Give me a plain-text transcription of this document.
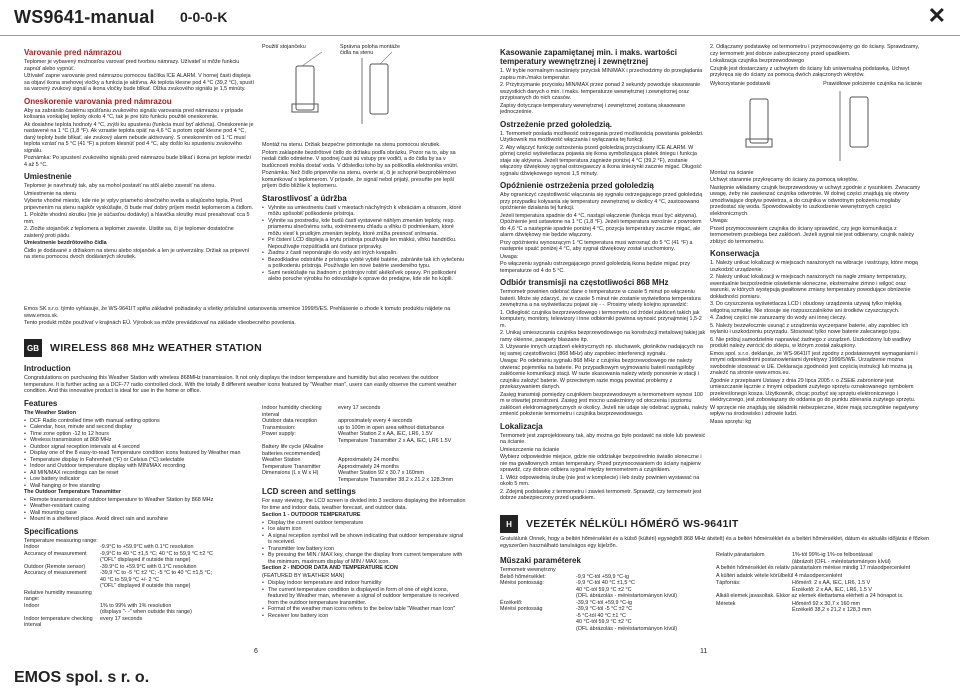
WS9641-manual 0-0-0-K	✕
Varovanie pred námrazou

Teplomer je vybavený možnosťou varovať pred tvorbou námrazy. Užívateľ si môže funkciu zapnúť alebo vypnúť.

Užívateľ zapne varovanie pred námrazou pomocou tlačítka ICE ALARM. V hornej časti displeja sa objaví ikona snehovej vločky a funkcia je aktívna. Ak teplota klesne pod 4 °C (39,2 °C), spustí sa varovný zvukový signál a ikona vločky bude blikať. Dĺžka zvukového signálu je 1,5 minúty.

Oneskorenie varovania pred námrazou

Aby sa zabránilo častému spúšťaniu zvukového signálu varovania pred námrazou v prípade kolísania vonkajšej teploty okolo 4 °C, tak je pre túto funkciu použité oneskorenie.

Ak dosiahne teplota hodnoty 4 °C, zvýši ku spusteniu (funkcia musí byť aktívna). Oneskorenie je nastavené na 1 °C (1,8 °F). Ak vzrastie teplota opäť na 4,6 °C a potom opäť klesne pod 4 °C, daný teploty bude blikať, ale zvukový alarm nebude aktivovaný. S oneskorením od 1 °C musí teplota vzrásť na 5 °C (41 °F) a potom klesnúť pod 4 °C, aby došlo ku spusteniu zvukového signálu.

Poznámka: Po spustení zvukového signálu pred námrazou bude blikať i ikona pri teplote medzi 4 až 5 °C.

Umiestnenie

Teplomer je navrhnutý tak, aby sa mohol postaviť na stôl alebo zavesiť na stenu.

Umiestnenie na stenu

Vyberte vhodné miesto, kde nie je vplyv priameho slnečného svetla a silajúceho tepla. Pred pripevnením na stenu najskôr vyskúšajte, či bude mať dobrý príjem medzi teplomerom a čidlom.

1. Položte vhodnú skrutku (nie je súčasťou dodávky) a hlavička skrutky musí presahovať cca 5 mm.

2. Zložte stojanček z teplomera a teplomer zaveste. Uistite sa, či je teplomer dostatočne zaistený proti pádu.

Umiestnenie bezdrôtového čidla

Čidlo je dodávané s držiakom na stenu alebo stojanček a len je univerzálny. Držiak sa pripevní na stenu pomocou dvoch dodávaných skrutiek.

Použití stojančeku	Správna poloha montáže čidla na stenu

Montáž na stenu. Držiak bezpečne primontujte na stenu pomocou skrutiek.

Potom zaklapnite bezdrôtové čidlo do držiaku podľa obrázku. Pozor na to, aby sa nedali čidlo odmietne. V spodnej časti sú vstupy pre vodiči, a do čidla by sa v budúcnosti mohla dostať voda. V dôsledku toho by sa poškodila elektronika vnútri.

Poznámka: Než čidlo pripevníte na stenu, overte si, či je schopné bezproblémovo komunikovať s teplomerom. V prípade, že signál nebol prijatý, presuňte pre lepší príjem čidlo bližšie k teplomeru.

Starostlivosť a údržba
• Vyhnite sa umiestneniu častí v miestach náchylných k vibráciám a otrasom, ktoré môžu spôsobiť poškodenie prístroja.
• Vyhnite sa prostrediu, kde budú časti vystavené náhlym zmenám teploty, resp. priamemu slnečnému svitu, extrémnemu chladu a vlhku či podmienkam, ktoré môžu viesť k prudkým zmenám teploty, ktoré znížia presnosť snímania.
• Pri čistení LCD displeja a krytu prístroja používajte len mäkkú, vlhkú handričku. Nepoužívajte rozpúšťadlá ani čistiace prípravky.
• Žiadnu z častí neponárajte do vody ani iných kvapalín.
• Bezodkladne odstráňte z prístroja vybité vybité batérie, zabránite tak ich vytečeniu a poškodeniu prístroja. Používajte len nové batérie uvedeného typu.
• Sami neskúšajte na žiadnom z prístrojov robiť akékoľvek opravy. Pri poškodení alebo poruche výrobku ho odovzdajte k oprave do predajne, kde ste ho kúpili.

Emos SK s.r.o. týmto vyhlasuje, že WS-9641IT spĺňa základné požiadavky a všetky príslušné ustanovenia smernice 1999/5/ES. Prehlásenie o zhode k tomuto produktu nájdete na www.emos.sk.

Tento produkt môže používať v krajinách EÚ. Výrobok sa môže prevádzkovať na základe všeobecného povolenia.

GB WIRELESS 868 MHz WEATHER STATION
Introduction

Congratulations on purchasing this Weather Station with wireless 868MHz transmission. It not only displays the indoor temperature and humidity but also receives the outdoor temperature. It is further acting as a DCF-77 radio controlled clock. With the totally 8 different weather icons featured by "Weather man", users can easily observe the current weather condition. And this innovative product is ideal for use in the home or office.

Features

The Weather Station

• DCF Radio controlled time with manual setting options
• Calendar, hour, minute and second display
• Time zone option -12 to 12 hours
• Wireless transmission at 868 MHz
• Outdoor signal reception intervals at 4 second
• Display one of the 8 easy-to-read Temperature condition icons featured by Weather man
• Temperature display in Fahrenheit (°F) or Celsius (°C) selectable
• Indoor and Outdoor temperature display with MIN/MAX recording
• All MIN/MAX recordings can be reset
• Low battery indicator
• Wall hanging or free standing

The Outdoor Temperature Transmitter

• Remote transmission of outdoor temperature to Weather Station by 868 MHz
• Weather-resistant casing
• Wall mounting case
• Mount in a sheltered place. Avoid direct rain and sunshine
Specifications
Temperature measuring range:
Indoor	-9.9°C to +59.9°C with 0.1°C resolution
Accuracy of measurement	-9,9°C to 40 °C ±1,5 °C; 40 °C to 59,9 °C ±2 °C
("OFL" displayed if outside this range)
Outdoor (Remote sensor)	-39.9°C to +59.9°C with 0.1°C resolution
Accuracy of measurement	-39,9 °C to -5 °C ±2 °C; -5 °C to 40 °C ±1,5 °C;
40 °C to 59,9 °C +/- 2 °C
("OFL" displayed if outside this range)
Relative humidity measuring range:
Indoor	1% to 99% with 1% resolution
(displays "- -" when outside this range)
Indoor temperature checking interval
every 17 seconds
Indoor humidity checking interval
every 17 seconds
Outdoor data reception	approximately every 4 seconds
Transmission:	up to 100m in open area without disturbance
Power supply:	Weather Station 2 x AA, IEC, LR6, 1.5V
Temperature Transmitter 2 x AA, IEC, LR6 1.5V
Battery life cycle (Alkaline batteries recommended)
Weather Station	Approximately 24 months
Temperature Transmitter	Approximately 24 months
Dimensions (L x W x H)	Weather Station 92 x 30.7 x 160mm
Temperature Transmitter 38.2 x 21.2 x 128.3mm
LCD screen and settings

For easy viewing, the LCD screen is divided into 3 sections displaying the information for time and indoor data, weather forecast, and outdoor data.

Section 1 - OUTDOOR TEMPERATURE

• Display the current outdoor temperature
• Ice alarm icon
• A signal reception symbol will be shown indicating that outdoor temperature signal is received.
• Transmitter low battery icon
• By pressing the MIN / MAX key, change the display from current temperature with the minimum, maximum display of MIN / MAX icon.

Section 2 - INDOOR DATA AND TEMPERATURE ICON

(FEATURED BY WEATHER MAN)

• Display indoor temperature and indoor humidity
• The current temperature condition is displayed in form of one of eight icons, featured by Weather man, whenever a signal of outdoor temperature is received from the outdoor temperature transmitter.
• Format of the weather man icons refers to the below table "Weather man Icon"
• Receiver low battery icon
6
Kasowanie zapamiętanej min. i maks. wartości temperatury wewnętrznej i zewnętrznej

1. W trybie normalnym naciśnięty przycisk MIN/MAX i przechodzimy do przeglądania zapisu min./maks temperatur.

2. Przytrzymanie przycisku MIN/MAX przez ponad 2 sekundy powoduje skasowanie wszystkich danych o min. i maks. temperaturze wewnętrznej i zewnętrznej oraz przypisanych do nich czasów.

Zapisy dotyczące temperatury wewnętrznej i zewnętrznej zostaną skasowane jednocześnie.

Ostrzeżenie przed gołoledzią.

1. Termometr posiada możliwość ostrzegania przed możliwością powstania gołoledzi. Użytkownik ma możliwość włączania i wyłączania tej funkcji.

2. Aby włączyć funkcję ostrzeżenia przed gołoledzią przyciskamy ICE ALARM. W górnej części wyświetlacza pojawia się ikona symbolizująca płatek śniegu i funkcja staje się aktywna. Jeżeli temperatura zagnieże poniżej 4 °C (39,2 °F), zostanie włączony dźwiękowy sygnał ostrzegawczy a ikona śnieżynki zacznie migać. Długość sygnału dźwiękowego wynosi 1,5 minuty.

Opóźnienie ostrzeżenia przed gołoledzią

Aby ograniczyć częstotliwość włączania się sygnału ostrzegającego przed gołoledzią przy przypadku kołysania się temperatury zewnętrznej w okolicy 4 °C, zastosowano opóźnienie działania tej funkcji.

Jeżeli temperatura spadnie do 4 °C, nastąpi włączenie (funkcja musi być aktywna). Opóźnienie jest ustawione na 1 °C (1,8 °F). Jeżeli temperatura wzrośnie z powrotem do 4,6 °C a następnie spadnie poniżej 4 °C, pozycja temperatury zacznie migać, ale alarm dźwiękowy nie będzie włączony.

Przy opóźnieniu wynoszącym 1 °C temperatura musi wzrosnąć do 5 °C (41 °F) a następnie spaść poniżej 4 °C, aby sygnał dźwiękowy został uruchomiony.

Uwaga:

Po włączeniu sygnału ostrzegającego przed gołoledzią ikona będzie migać przy temperaturze od 4 do 5 °C.

Odbiór transmisji na częstotliwości 868 MHz

Termometr powinien odebrać dane o temperaturze w czasie 5 minut po włączeniu baterii. Może się zdarzyć, że w czasie 5 minut nie zostanie wyświetlona temperatura zewnętrzna a na wyświetlaczu pojawi się - -. Prosimy wtedy kolejno sprawdzić:

1. Odległość czujnika bezprzewodowego i termometru od źródeł zakłóceń takich jak komputery, monitory, telewizory i inne odbiorniki powinna wynosić przynajmniej 1,5-2 m.

2. Unikaj umieszczania czujnika bezprzewodowego na konstrukcji metalowej takiej jak ramy okienne, parapety blaszane itp.

3. Używanie innych urządzeń elektrycznych np. słuchawek, głośników nadających na tej samej częstotliwości (868 MHz) aby zapobiec interferencji sygnału.

Uwaga: Po odebraniu sygnału 868 MHz z czujnika bezprzewodowego nie należy otwierać pojemnika na baterie. Po przypadkowym wyjmowaniu baterii nastąpiłoby zakłócenie komunikacji stacji. W razie skasowania należy wtedy ponownie w stacji i czujniku założyć baterie. W przeciwnym razie mogą powstać problemy z przekazywaniem danych.

Zasięg transmisji pomiędzy czujnikiem bezprzewodowym a termometrem wynosi 100 m w otwartej przestrzeni. Zasięg jest mocno uzależniony od otoczenia i poziomu zakłóceń elektromagnetycznych w okolicy. Jeżeli nie udaje się odebrać sygnału, należy zmienić położenie termometru i czujnika bezprzewodowego.

Lokalizacja

Termometr jest zaprojektowany tak, aby można go było postawić na stole lub powiesić na ścianie.

Umieszczenie na ścianie

Wybierz odpowiednie miejsce, gdzie nie oddziałuje bezpośrednio światło słoneczne i nie ma gwałtownych zmian temperatury. Przed przymocowaniem do ściany najpierw sprawdź, czy dobrze odbiera sygnał między termometrem a czujnikiem.

1. Włóż odpowiednią śrubę (nie jest w komplecie) i łeb śruby powinien wystawać na około 5 mm.

2. Zdejmij podstawkę z termometru i zawieś termometr. Sprawdź, czy termometr jest dobrze zabezpieczony przed upadkiem.

2. Odłączamy podstawkę od termometru i przymocowujemy go do ściany. Sprawdzamy, czy termometr jest dobrze zabezpieczony przed upadkiem.

Lokalizacja czujnika bezprzewodowego

Czujnik jest dostarczany z uchwytem do ściany lub uniwersalną podstawką. Uchwyt przykręca się do ściany za pomocą dwóch załączonych wkrętów.

Wykorzystanie podstawki	Prawidłowe położenie czujnika na ścianie

Montaż na ścianie

Uchwyt starannie przykręcamy do ściany za pomocą wkrętów.

Następnie wkładamy czujnik bezprzewodowy w uchwyt zgodnie z rysunkiem. Zwracamy uwagę, żeby nie zawieszać czujnika odwrotnie. W dolnej części znajdują się otwory umożliwiające dopływ powietrza, a do czujnika w odwrotnym położeniu mogłaby przedostać się woda. Spowodowałoby to uszkodzenie wewnętrznych części elektronicznych.

Uwaga:

Przed przymocowaniem czujnika do ściany sprawdzić, czy jego komunikacja z termometrem przebiega bez zakłóceń. Jeżeli sygnał nie jest odbierany, czujnik należy zbliżyć do termometru.

Konserwacja

1. Należy unikać lokalizacji w miejscach narażonych na wibracje i wstrząsy, które mogą uszkodzić urządzenie.

2. Należy unikać lokalizacji w miejscach narażonych na nagłe zmiany temperatury, ewentualnie bezpośrednie oświetlenie słoneczne, ekstremalne zimno i wilgoć oraz warunki, w których występują gwałtowne zmiany temperatury powodujące obniżenie dokładności pomiaru.

3. Do czyszczenia wyświetlacza LCD i obudowy urządzenia używaj tylko miękką wilgotną szmatkę. Nie stosuje się rozpuszczalników ani środków czyszczących.

4. Żadnej części nie zanurzamy do wody ani innej cieczy.

5. Należy bezzwłocznie usunąć z urządzenia wyczerpane baterie, aby zapobiec ich wylaniu i uszkodzeniu przyrządu. Stosować tylko nowe baterie zalecanego typu.

6. Nie próbuj samodzielnie naprawiać żadnego z urządzeń. Uszkodzony lub wadliwy produkt należy zwrócić do sklepu, w którym został zakupiony.

Emos spol. s.r.o. deklaruje, że WS-9641IT jest zgodny z podstawowymi wymaganiami i innymi odpowiednimi postanowieniami dyrektywy 1999/5/WE. Urządzenie można swobodnie stosować w UE. Deklaracja zgodności jest częścią instrukcji lub można ją znaleźć na stronie www.emos.eu.

Zgodnie z przepisami Ustawy z dnia 29 lipca 2005 r. o ZSEiE zabronione jest umieszczanie łącznie z innymi odpadami zużytego sprzętu oznakowanego symbolem przekreślonego kosza. Użytkownik, chcąc pozbyć się sprzętu elektronicznego i elektrycznego, jest zobowiązany do oddania go do punktu zbierania zużytego sprzętu.

W sprzęcie nie znajdują się składniki niebezpieczne, które mają szczególnie negatywny wpływ na środowisko i zdrowie ludzi.

Masa sprzętu: kg

H	VEZETÉK NÉLKÜLI HŐMÉRŐ WS-9641IT

Gratulálunk Önnek, hogy a beltéri hőmérséklet és a külső (kültéri) egységből 868 MHz átvitelt) és a beltéri hőmérséklet és a beltéri hőmérséklet, dátum és aktuális időjárás é főzken egyszerűen használható tanulságos egy kijelzőn.

Műszaki paraméterek
Termometr wewnętrzny
Belső hőmérséklet:	-9,9 °C-tól +59,9 °C-ig
Mérési pontosság:	-9,9 °C-tól 40 °C ±1,5 °C
40 °C-tól 59,9 °C ±2 °C
(OFL ábrázolás - méréstartományon kívül)
Érzékelő:	-39,9 °C-tól +59,9 °C-ig
Mérési pontosság	-39,9 °C-tól -5 °C ±2 °C
-5 °C-tól 40 °C ±1 °C
40 °C-tól 59,9 °C ±2 °C
(OFL ábrázolás - méréstartományon kívül)
Relatív páratartalom	1%-tól 99%-ig 1%-os felbontással
(ábrázolt (OFL - méréstartományon kívül)

A beltéri hőmérséklet és relatív páratartalom mérése mindig 17 másodpercenként

A kültéri adatok vétele körülbelül 4 másodpercenként

Tápforrás:	Hőmérő: 2 x AA, IEC, LR6, 1.5 V
Érzékelő: 2 x AA, IEC, LR6, 1.5 V

Alkáli elemek javasoltak. Ekkor az elemek élettartama elérheti a 24 hónapot is.

Méretek	Hőmérő 92 x 30,7 x 160 mm
Érzékelő 38,2 x 21,2 x 128,3 mm
11
EMOS spol. s r. o.
